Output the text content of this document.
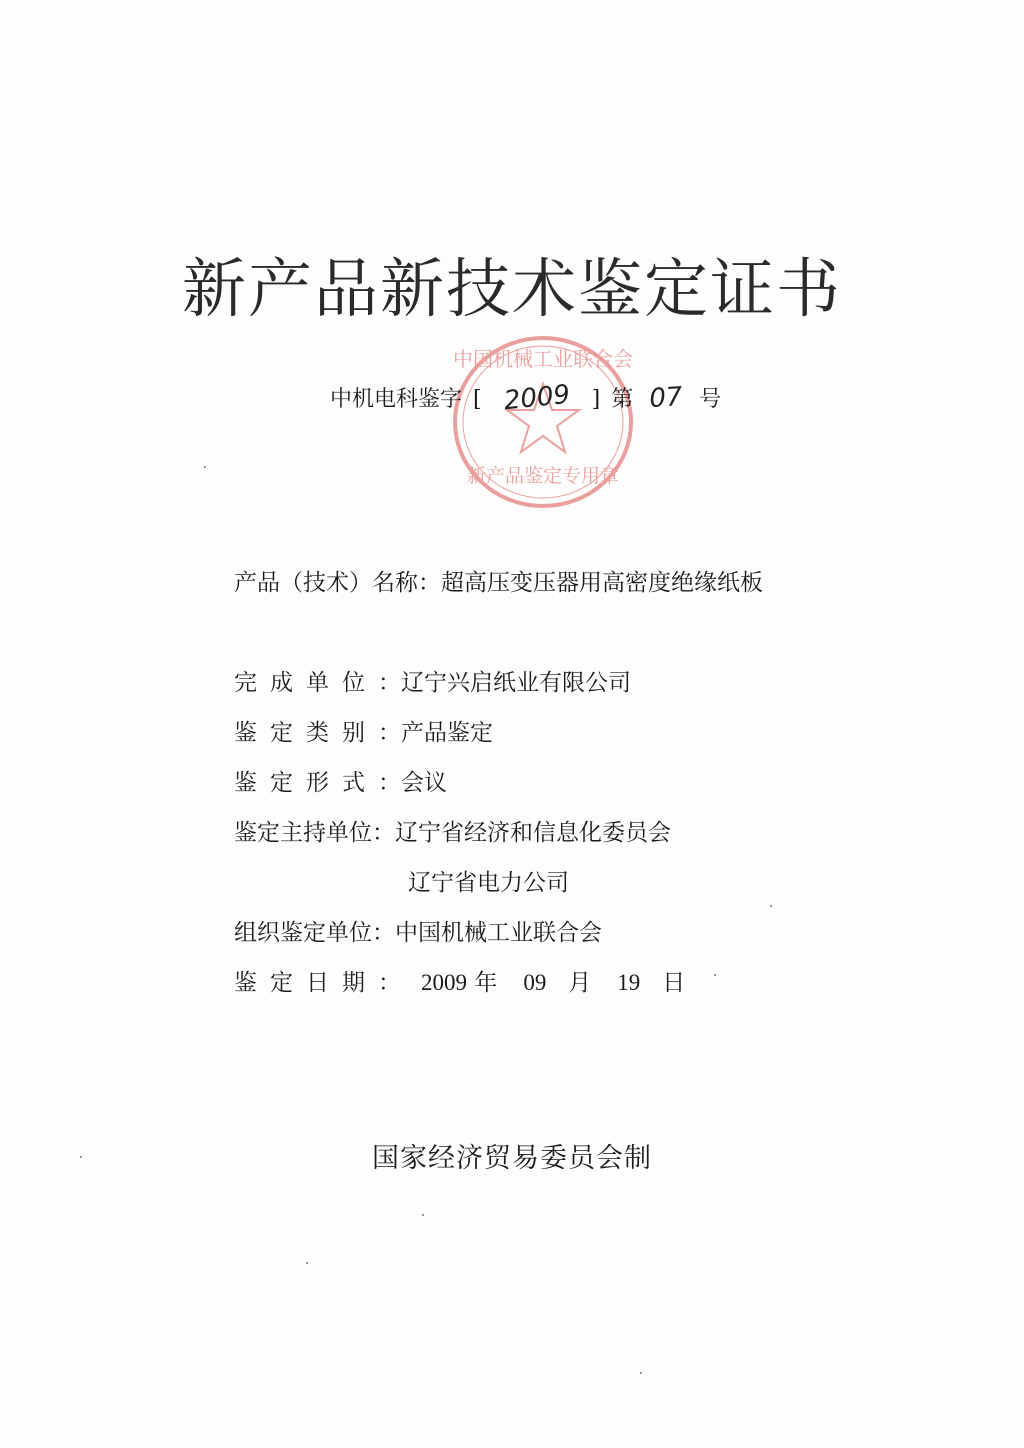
新产品新技术鉴定证书
中国机械工业联合会
新产品鉴定专用章
中机电科鉴字 [ 2009 ] 第 07 号
产品（技术）名称：超高压变压器用高密度绝缘纸板
完成单位：辽宁兴启纸业有限公司
鉴定类别：产品鉴定
鉴定形式：会议
鉴定主持单位：辽宁省经济和信息化委员会
辽宁省电力公司
组织鉴定单位：中国机械工业联合会
鉴定日期： 2009 年 09 月 19 日
国家经济贸易委员会制
